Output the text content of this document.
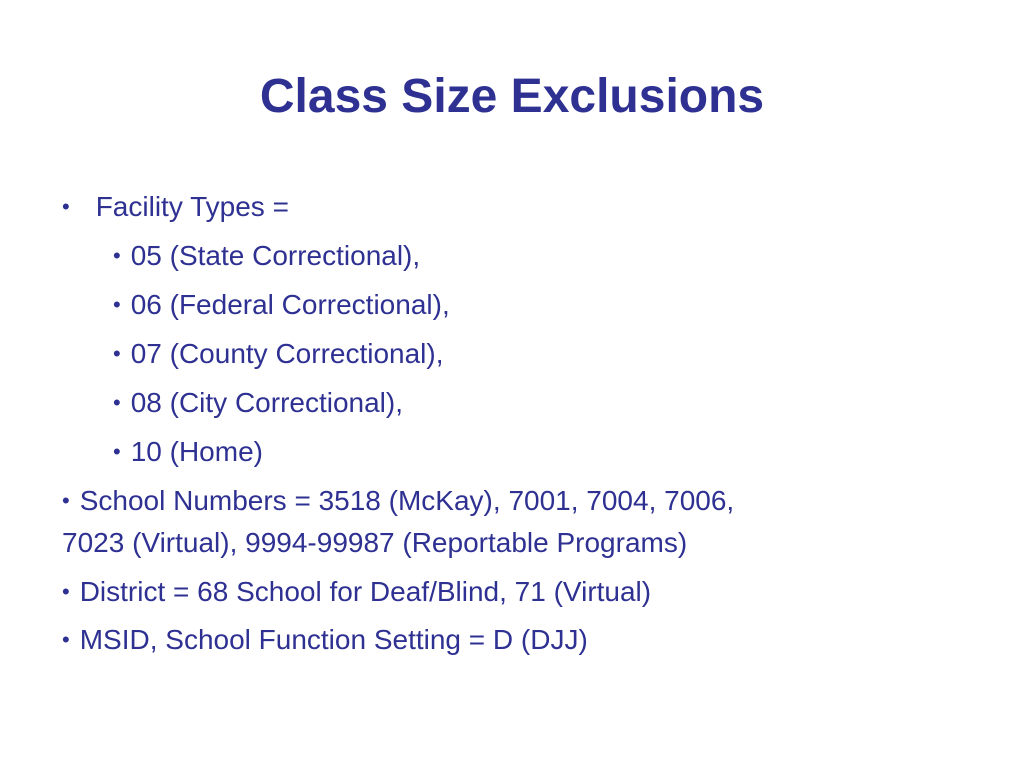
Class Size Exclusions
• Facility Types =
• 05 (State Correctional),
• 06 (Federal Correctional),
• 07 (County Correctional),
• 08 (City Correctional),
• 10 (Home)
• School Numbers = 3518 (McKay), 7001, 7004, 7006,
7023 (Virtual), 9994-99987 (Reportable Programs)
• District = 68 School for Deaf/Blind, 71 (Virtual)
• MSID, School Function Setting = D (DJJ)
